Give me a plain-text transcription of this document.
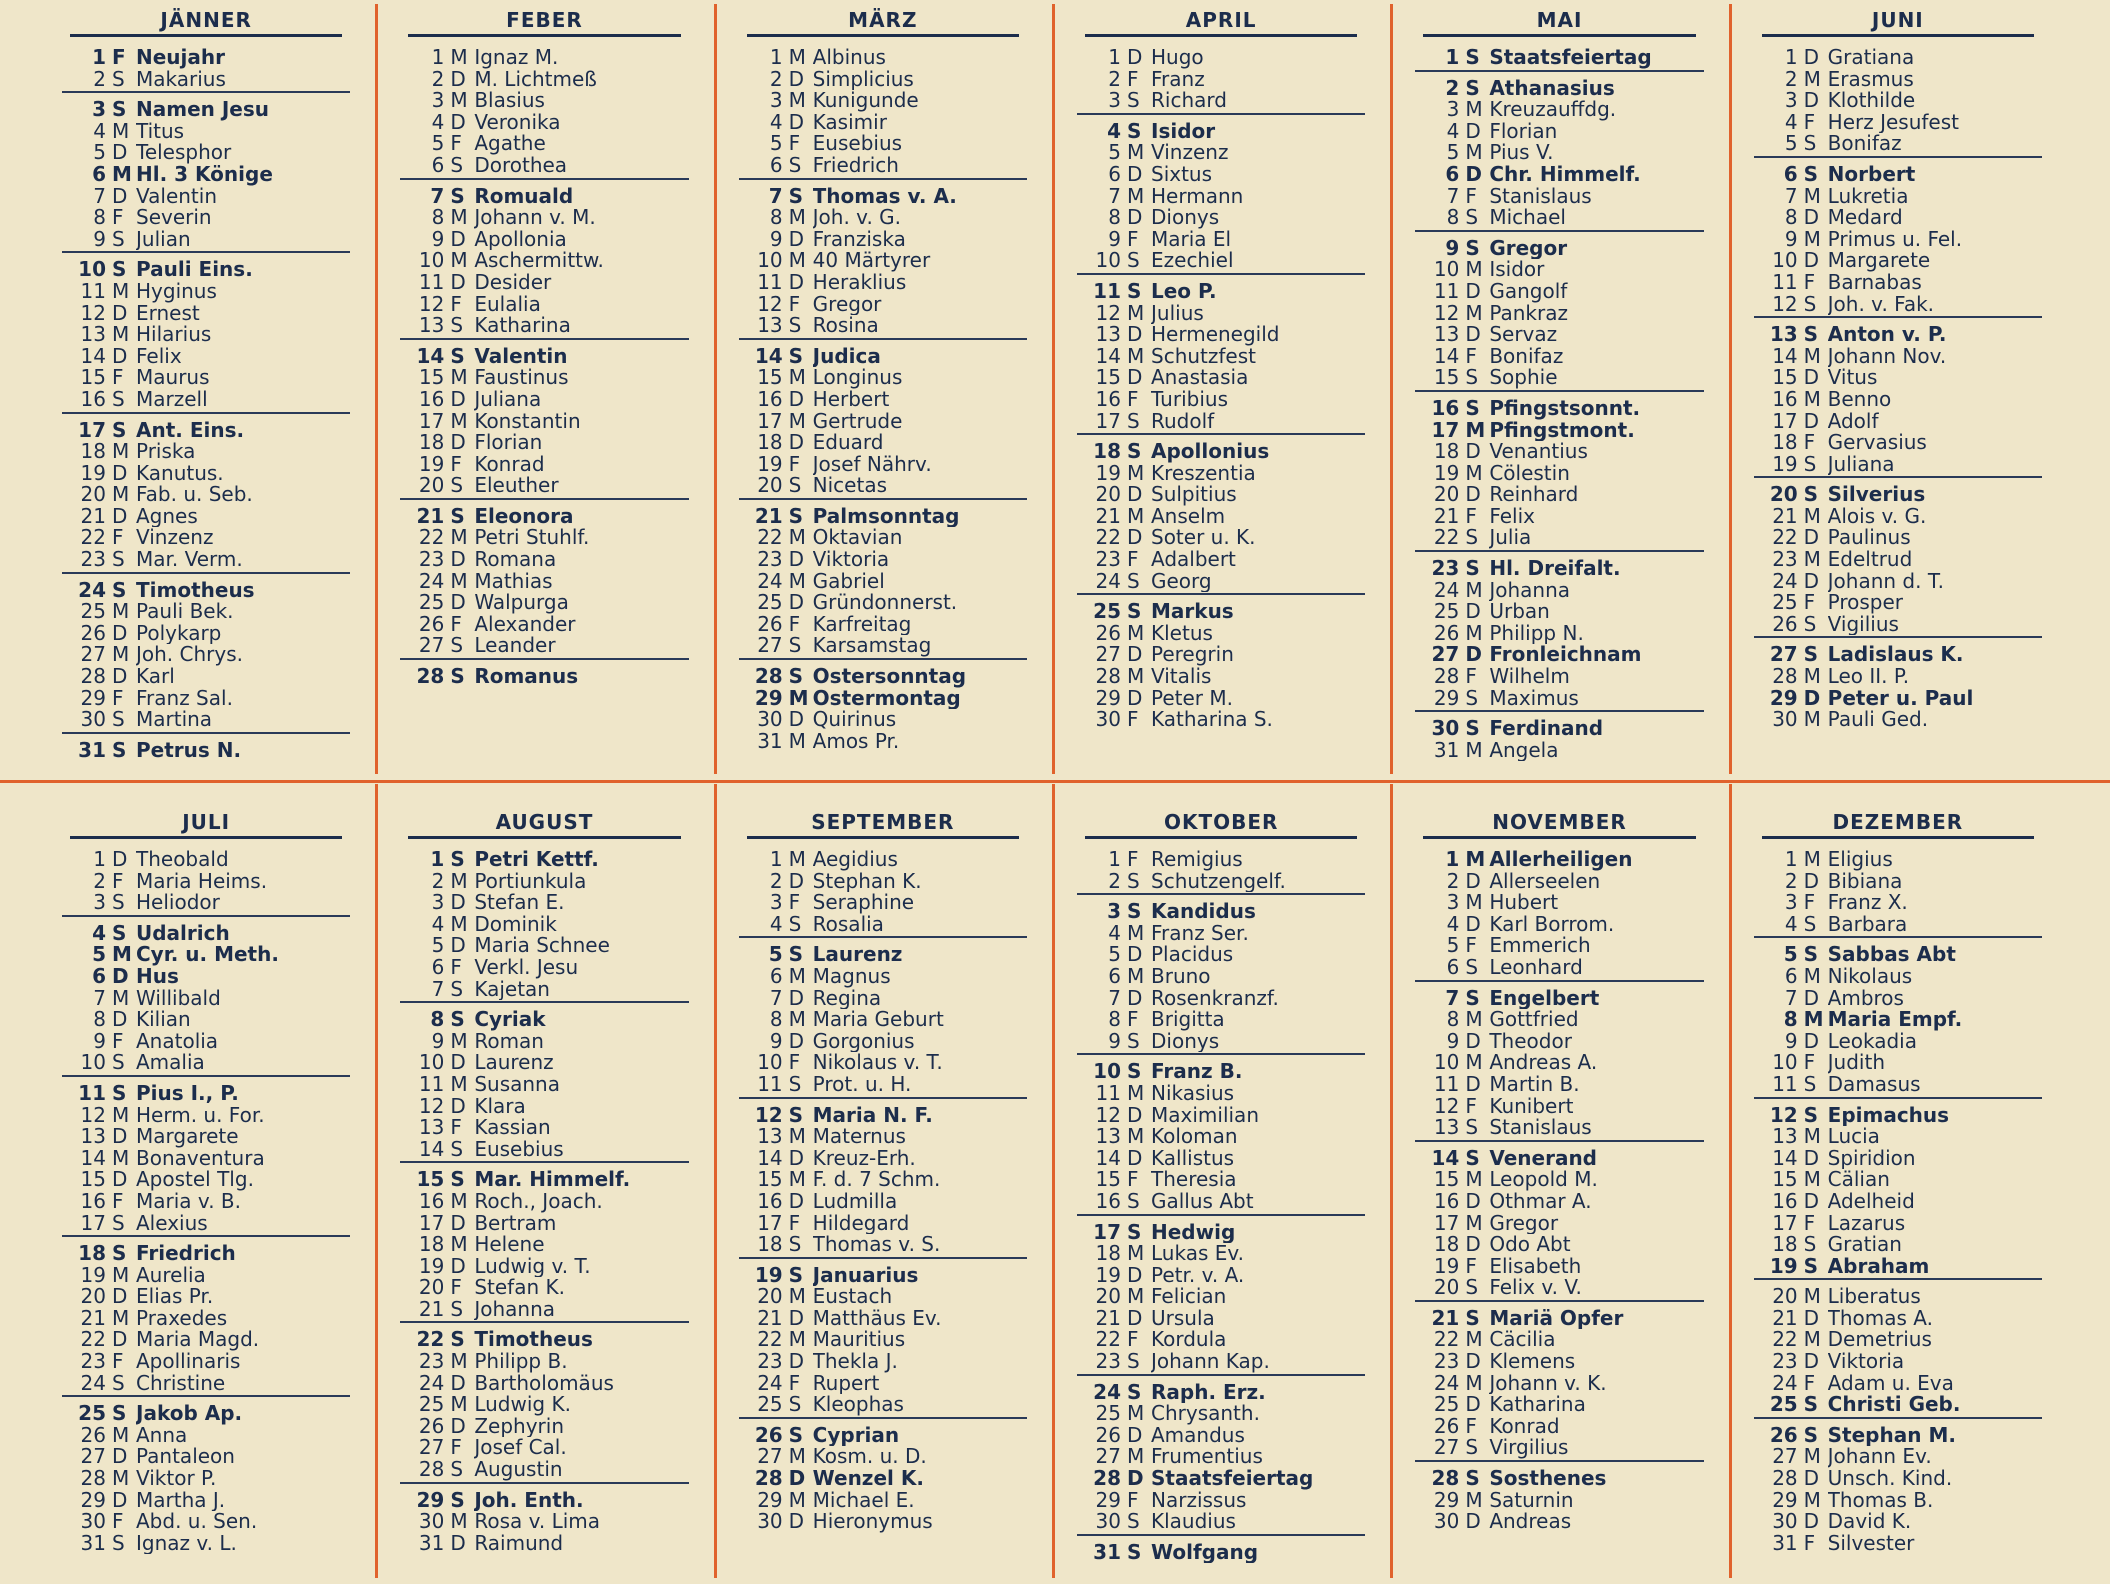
JÄNNER
1 F Neujahr
2 S Makarius
3 S Namen Jesu
4 M Titus
5 D Telesphor
6 M Hl. 3 Könige
7 D Valentin
8 F Severin
9 S Julian
10 S Pauli Eins.
11 M Hyginus
12 D Ernest
13 M Hilarius
14 D Felix
15 F Maurus
16 S Marzell
17 S Ant. Eins.
18 M Priska
19 D Kanutus.
20 M Fab. u. Seb.
21 D Agnes
22 F Vinzenz
23 S Mar. Verm.
24 S Timotheus
25 M Pauli Bek.
26 D Polykarp
27 M Joh. Chrys.
28 D Karl
29 F Franz Sal.
30 S Martina
31 S Petrus N.
FEBER
1 M Ignaz M.
2 D M. Lichtmeß
3 M Blasius
4 D Veronika
5 F Agathe
6 S Dorothea
7 S Romuald
8 M Johann v. M.
9 D Apollonia
10 M Aschermittw.
11 D Desider
12 F Eulalia
13 S Katharina
14 S Valentin
15 M Faustinus
16 D Juliana
17 M Konstantin
18 D Florian
19 F Konrad
20 S Eleuther
21 S Eleonora
22 M Petri Stuhlf.
23 D Romana
24 M Mathias
25 D Walpurga
26 F Alexander
27 S Leander
28 S Romanus
MÄRZ
1 M Albinus
2 D Simplicius
3 M Kunigunde
4 D Kasimir
5 F Eusebius
6 S Friedrich
7 S Thomas v. A.
8 M Joh. v. G.
9 D Franziska
10 M 40 Märtyrer
11 D Heraklius
12 F Gregor
13 S Rosina
14 S Judica
15 M Longinus
16 D Herbert
17 M Gertrude
18 D Eduard
19 F Josef Nährv.
20 S Nicetas
21 S Palmsonntag
22 M Oktavian
23 D Viktoria
24 M Gabriel
25 D Gründonnerst.
26 F Karfreitag
27 S Karsamstag
28 S Ostersonntag
29 M Ostermontag
30 D Quirinus
31 M Amos Pr.
APRIL
1 D Hugo
2 F Franz
3 S Richard
4 S Isidor
5 M Vinzenz
6 D Sixtus
7 M Hermann
8 D Dionys
9 F Maria El
10 S Ezechiel
11 S Leo P.
12 M Julius
13 D Hermenegild
14 M Schutzfest
15 D Anastasia
16 F Turibius
17 S Rudolf
18 S Apollonius
19 M Kreszentia
20 D Sulpitius
21 M Anselm
22 D Soter u. K.
23 F Adalbert
24 S Georg
25 S Markus
26 M Kletus
27 D Peregrin
28 M Vitalis
29 D Peter M.
30 F Katharina S.
MAI
1 S Staatsfeiertag
2 S Athanasius
3 M Kreuzauffdg.
4 D Florian
5 M Pius V.
6 D Chr. Himmelf.
7 F Stanislaus
8 S Michael
9 S Gregor
10 M Isidor
11 D Gangolf
12 M Pankraz
13 D Servaz
14 F Bonifaz
15 S Sophie
16 S Pfingstsonnt.
17 M Pfingstmont.
18 D Venantius
19 M Cölestin
20 D Reinhard
21 F Felix
22 S Julia
23 S Hl. Dreifalt.
24 M Johanna
25 D Urban
26 M Philipp N.
27 D Fronleichnam
28 F Wilhelm
29 S Maximus
30 S Ferdinand
31 M Angela
JUNI
1 D Gratiana
2 M Erasmus
3 D Klothilde
4 F Herz Jesufest
5 S Bonifaz
6 S Norbert
7 M Lukretia
8 D Medard
9 M Primus u. Fel.
10 D Margarete
11 F Barnabas
12 S Joh. v. Fak.
13 S Anton v. P.
14 M Johann Nov.
15 D Vitus
16 M Benno
17 D Adolf
18 F Gervasius
19 S Juliana
20 S Silverius
21 M Alois v. G.
22 D Paulinus
23 M Edeltrud
24 D Johann d. T.
25 F Prosper
26 S Vigilius
27 S Ladislaus K.
28 M Leo II. P.
29 D Peter u. Paul
30 M Pauli Ged.
JULI
1 D Theobald
2 F Maria Heims.
3 S Heliodor
4 S Udalrich
5 M Cyr. u. Meth.
6 D Hus
7 M Willibald
8 D Kilian
9 F Anatolia
10 S Amalia
11 S Pius I., P.
12 M Herm. u. For.
13 D Margarete
14 M Bonaventura
15 D Apostel Tlg.
16 F Maria v. B.
17 S Alexius
18 S Friedrich
19 M Aurelia
20 D Elias Pr.
21 M Praxedes
22 D Maria Magd.
23 F Apollinaris
24 S Christine
25 S Jakob Ap.
26 M Anna
27 D Pantaleon
28 M Viktor P.
29 D Martha J.
30 F Abd. u. Sen.
31 S Ignaz v. L.
AUGUST
1 S Petri Kettf.
2 M Portiunkula
3 D Stefan E.
4 M Dominik
5 D Maria Schnee
6 F Verkl. Jesu
7 S Kajetan
8 S Cyriak
9 M Roman
10 D Laurenz
11 M Susanna
12 D Klara
13 F Kassian
14 S Eusebius
15 S Mar. Himmelf.
16 M Roch., Joach.
17 D Bertram
18 M Helene
19 D Ludwig v. T.
20 F Stefan K.
21 S Johanna
22 S Timotheus
23 M Philipp B.
24 D Bartholomäus
25 M Ludwig K.
26 D Zephyrin
27 F Josef Cal.
28 S Augustin
29 S Joh. Enth.
30 M Rosa v. Lima
31 D Raimund
SEPTEMBER
1 M Aegidius
2 D Stephan K.
3 F Seraphine
4 S Rosalia
5 S Laurenz
6 M Magnus
7 D Regina
8 M Maria Geburt
9 D Gorgonius
10 F Nikolaus v. T.
11 S Prot. u. H.
12 S Maria N. F.
13 M Maternus
14 D Kreuz-Erh.
15 M F. d. 7 Schm.
16 D Ludmilla
17 F Hildegard
18 S Thomas v. S.
19 S Januarius
20 M Eustach
21 D Matthäus Ev.
22 M Mauritius
23 D Thekla J.
24 F Rupert
25 S Kleophas
26 S Cyprian
27 M Kosm. u. D.
28 D Wenzel K.
29 M Michael E.
30 D Hieronymus
OKTOBER
1 F Remigius
2 S Schutzengelf.
3 S Kandidus
4 M Franz Ser.
5 D Placidus
6 M Bruno
7 D Rosenkranzf.
8 F Brigitta
9 S Dionys
10 S Franz B.
11 M Nikasius
12 D Maximilian
13 M Koloman
14 D Kallistus
15 F Theresia
16 S Gallus Abt
17 S Hedwig
18 M Lukas Ev.
19 D Petr. v. A.
20 M Felician
21 D Ursula
22 F Kordula
23 S Johann Kap.
24 S Raph. Erz.
25 M Chrysanth.
26 D Amandus
27 M Frumentius
28 D Staatsfeiertag
29 F Narzissus
30 S Klaudius
31 S Wolfgang
NOVEMBER
1 M Allerheiligen
2 D Allerseelen
3 M Hubert
4 D Karl Borrom.
5 F Emmerich
6 S Leonhard
7 S Engelbert
8 M Gottfried
9 D Theodor
10 M Andreas A.
11 D Martin B.
12 F Kunibert
13 S Stanislaus
14 S Venerand
15 M Leopold M.
16 D Othmar A.
17 M Gregor
18 D Odo Abt
19 F Elisabeth
20 S Felix v. V.
21 S Mariä Opfer
22 M Cäcilia
23 D Klemens
24 M Johann v. K.
25 D Katharina
26 F Konrad
27 S Virgilius
28 S Sosthenes
29 M Saturnin
30 D Andreas
DEZEMBER
1 M Eligius
2 D Bibiana
3 F Franz X.
4 S Barbara
5 S Sabbas Abt
6 M Nikolaus
7 D Ambros
8 M Maria Empf.
9 D Leokadia
10 F Judith
11 S Damasus
12 S Epimachus
13 M Lucia
14 D Spiridion
15 M Cälian
16 D Adelheid
17 F Lazarus
18 S Gratian
19 S Abraham
20 M Liberatus
21 D Thomas A.
22 M Demetrius
23 D Viktoria
24 F Adam u. Eva
25 S Christi Geb.
26 S Stephan M.
27 M Johann Ev.
28 D Unsch. Kind.
29 M Thomas B.
30 D David K.
31 F Silvester
